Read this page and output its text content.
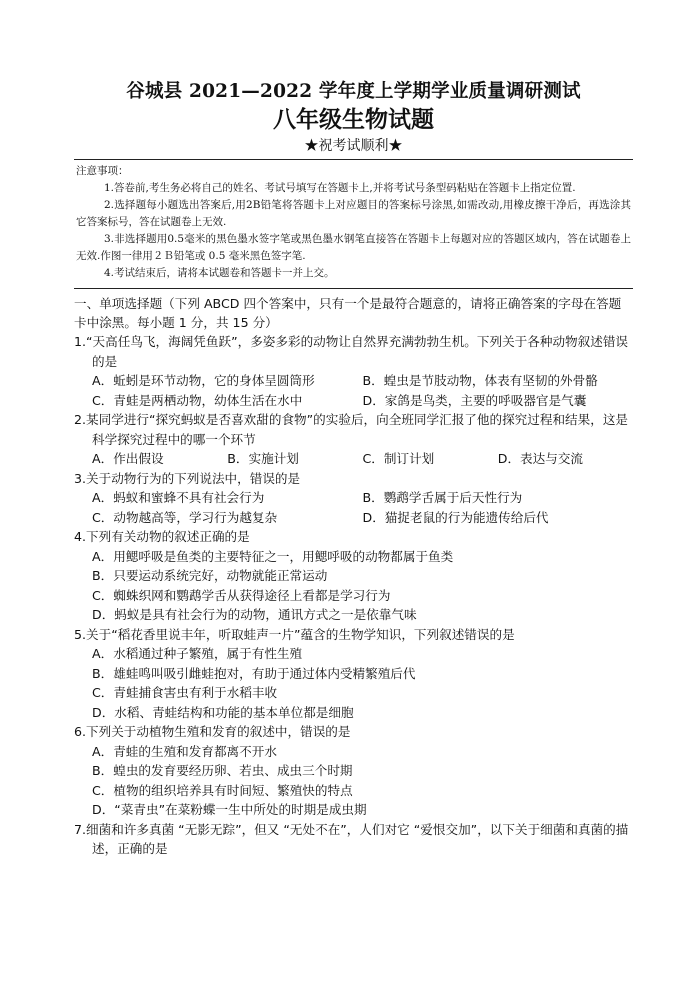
谷城县 2021—2022 学年度上学期学业质量调研测试
八年级生物试题
★祝考试顺利★
注意事项：
1.答卷前,考生务必将自己的姓名、考试号填写在答题卡上,并将考试号条型码粘贴在答题卡上指定位置.
2.选择题每小题选出答案后,用2B铅笔将答题卡上对应题目的答案标号涂黑,如需改动,用橡皮擦干净后，再选涂其它答案标号，答在试题卷上无效.
3.非选择题用0.5毫米的黑色墨水签字笔或黑色墨水钢笔直接答在答题卡上每题对应的答题区域内，答在试题卷上无效.作图一律用２Ｂ铅笔或 0.5 毫米黑色签字笔.
4.考试结束后，请将本试题卷和答题卡一并上交。
一、单项选择题（下列 ABCD 四个答案中，只有一个是最符合题意的，请将正确答案的字母在答题卡中涂黑。每小题 1 分，共 15 分）
1.“天高任鸟飞，海阔凭鱼跃”，多姿多彩的动物让自然界充满勃勃生机。下列关于各种动物叙述错误的是
A．蚯蚓是环节动物，它的身体呈圆筒形	B．蝗虫是节肢动物，体表有坚韧的外骨骼
C．青蛙是两栖动物，幼体生活在水中	D．家鸽是鸟类，主要的呼吸器官是气囊
2.某同学进行“探究蚂蚁是否喜欢甜的食物”的实验后，向全班同学汇报了他的探究过程和结果，这是科学探究过程中的哪一个环节
A．作出假设	B．实施计划	C．制订计划	D．表达与交流
3.关于动物行为的下列说法中，错误的是
A．蚂蚁和蜜蜂不具有社会行为	B．鹦鹉学舌属于后天性行为
C．动物越高等，学习行为越复杂	D．猫捉老鼠的行为能遗传给后代
4.下列有关动物的叙述正确的是
A．用鳃呼吸是鱼类的主要特征之一，用鳃呼吸的动物都属于鱼类
B．只要运动系统完好，动物就能正常运动
C．蜘蛛织网和鹦鹉学舌从获得途径上看都是学习行为
D．蚂蚁是具有社会行为的动物，通讯方式之一是依靠气味
5.关于“稻花香里说丰年，听取蛙声一片”蕴含的生物学知识，下列叙述错误的是
A．水稻通过种子繁殖，属于有性生殖
B．雄蛙鸣叫吸引雌蛙抱对，有助于通过体内受精繁殖后代
C．青蛙捕食害虫有利于水稻丰收
D．水稻、青蛙结构和功能的基本单位都是细胞
6.下列关于动植物生殖和发育的叙述中，错误的是
A．青蛙的生殖和发育都离不开水
B．蝗虫的发育要经历卵、若虫、成虫三个时期
C．植物的组织培养具有时间短、繁殖快的特点
D．“菜青虫”在菜粉蝶一生中所处的时期是成虫期
7.细菌和许多真菌 “无影无踪”，但又 “无处不在”，人们对它 “爱恨交加”，以下关于细菌和真菌的描述，正确的是
